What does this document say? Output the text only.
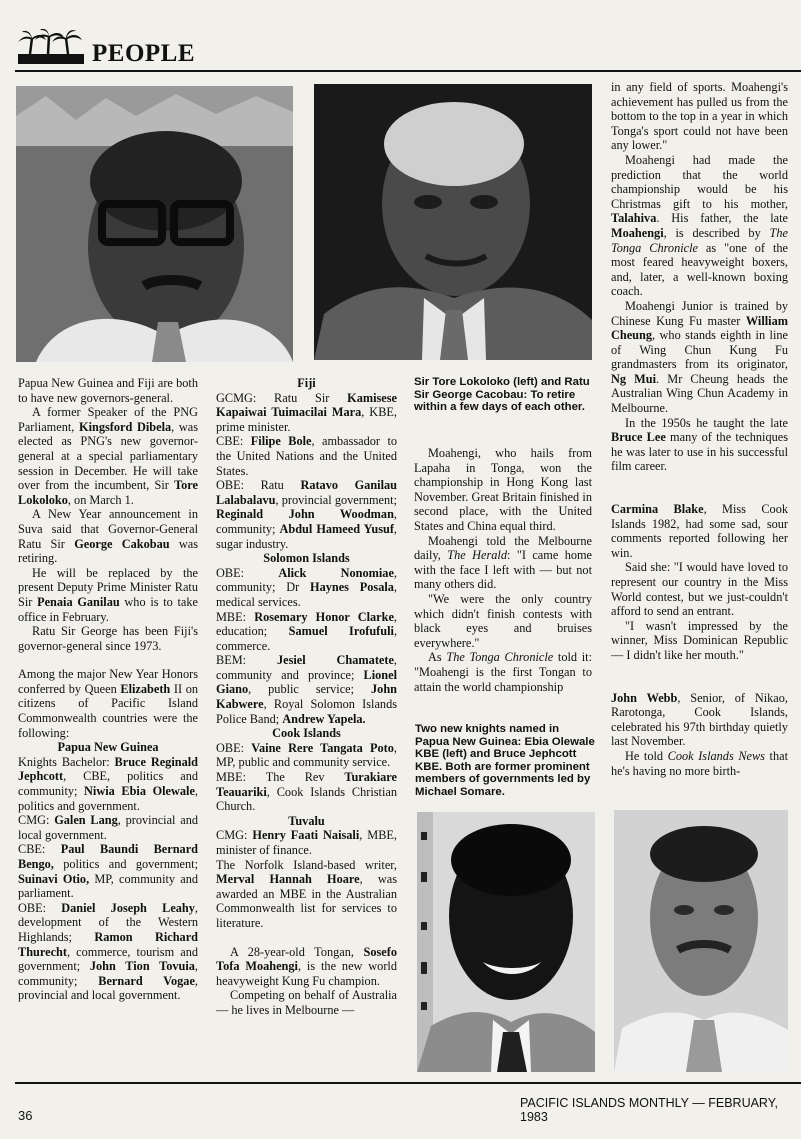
PEOPLE

Papua New Guinea and Fiji are both to have new governors-general.

A former Speaker of the PNG Parliament, Kingsford Dibela, was elected as PNG's new governor-general at a special parliamentary session in December. He will take over from the incumbent, Sir Tore Lokoloko, on March 1.

A New Year announcement in Suva said that Governor-General Ratu Sir George Cakobau was retiring.

He will be replaced by the present Deputy Prime Minister Ratu Sir Penaia Ganilau who is to take office in February.

Ratu Sir George has been Fiji's governor-general since 1973.

Among the major New Year Honors conferred by Queen Elizabeth II on citizens of Pacific Island Commonwealth countries were the following:

Papua New Guinea

Knights Bachelor: Bruce Reginald Jephcott, CBE, politics and community; Niwia Ebia Olewale, politics and government.

CMG: Galen Lang, provincial and local government.

CBE: Paul Baundi Bernard Bengo, politics and government; Suinavi Otio, MP, community and parliament.

OBE: Daniel Joseph Leahy, development of the Western Highlands; Ramon Richard Thurecht, commerce, tourism and government; John Tion Tovuia, community; Bernard Vogae, provincial and local government.

Fiji

GCMG: Ratu Sir Kamisese Kapaiwai Tuimacilai Mara, KBE, prime minister.

CBE: Filipe Bole, ambassador to the United Nations and the United States.

OBE: Ratu Ratavo Ganilau Lalabalavu, provincial government; Reginald John Woodman, community; Abdul Hameed Yusuf, sugar industry.

Solomon Islands

OBE: Alick Nonomiae, community; Dr Haynes Posala, medical services.

MBE: Rosemary Honor Clarke, education; Samuel Irofufuli, commerce.

BEM: Jesiel Chamatete, community and province; Lionel Giano, public service; John Kabwere, Royal Solomon Islands Police Band; Andrew Yapela.

Cook Islands

OBE: Vaine Rere Tangata Poto, MP, public and community service.

MBE: The Rev Turakiare Teauariki, Cook Islands Christian Church.

Tuvalu

CMG: Henry Faati Naisali, MBE, minister of finance.

The Norfolk Island-based writer, Merval Hannah Hoare, was awarded an MBE in the Australian Commonwealth list for services to literature.

A 28-year-old Tongan, Sosefo Tofa Moahengi, is the new world heavyweight Kung Fu champion.

Competing on behalf of Australia — he lives in Melbourne —

Sir Tore Lokoloko (left) and Ratu Sir George Cacobau: To retire within a few days of each other.

Moahengi, who hails from Lapaha in Tonga, won the championship in Hong Kong last November. Great Britain finished in second place, with the United States and China equal third.

Moahengi told the Melbourne daily, The Herald: "I came home with the face I left with — but not many others did.

"We were the only country which didn't finish contests with black eyes and bruises everywhere."

As The Tonga Chronicle told it: "Moahengi is the first Tongan to attain the world championship

Two new knights named in Papua New Guinea: Ebia Olewale KBE (left) and Bruce Jephcott KBE. Both are former prominent members of governments led by Michael Somare.

in any field of sports. Moahengi's achievement has pulled us from the bottom to the top in a year in which Tonga's sport could not have been any lower."

Moahengi had made the prediction that the world championship would be his Christmas gift to his mother, Talahiva. His father, the late Moahengi, is described by The Tonga Chronicle as "one of the most feared heavyweight boxers, and, later, a well-known boxing coach.

Moahengi Junior is trained by Chinese Kung Fu master William Cheung, who stands eighth in line of Wing Chun Kung Fu grandmasters from its originator, Ng Mui. Mr Cheung heads the Australian Wing Chun Academy in Melbourne.

In the 1950s he taught the late Bruce Lee many of the techniques he was later to use in his successful film career.

Carmina Blake, Miss Cook Islands 1982, had some sad, sour comments reported following her win.

Said she: "I would have loved to represent our country in the Miss World contest, but we just-couldn't afford to send an entrant.

"I wasn't impressed by the winner, Miss Dominican Republic — I didn't like her mouth."

John Webb, Senior, of Nikao, Rarotonga, Cook Islands, celebrated his 97th birthday quietly last November.

He told Cook Islands News that he's having no more birth-

36
PACIFIC ISLANDS MONTHLY — FEBRUARY, 1983
